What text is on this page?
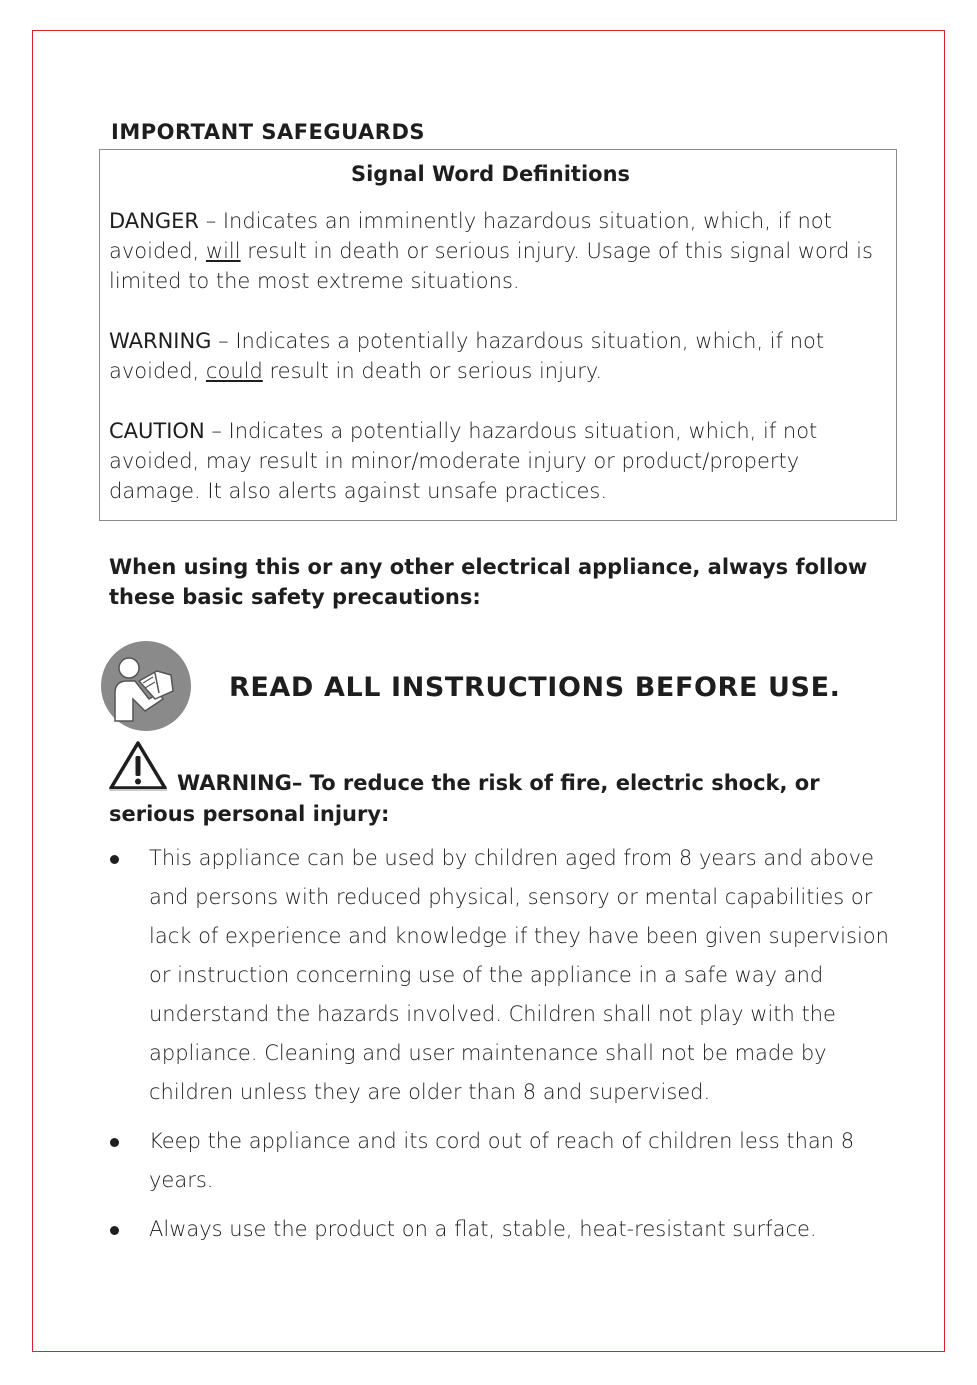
IMPORTANT SAFEGUARDS
Signal Word Definitions

DANGER – Indicates an imminently hazardous situation, which, if not avoided, will result in death or serious injury. Usage of this signal word is limited to the most extreme situations.

WARNING – Indicates a potentially hazardous situation, which, if not avoided, could result in death or serious injury.

CAUTION – Indicates a potentially hazardous situation, which, if not avoided, may result in minor/moderate injury or product/property damage. It also alerts against unsafe practices.

When using this or any other electrical appliance, always follow these basic safety precautions:

READ ALL INSTRUCTIONS BEFORE USE.

WARNING– To reduce the risk of fire, electric shock, or serious personal injury:

This appliance can be used by children aged from 8 years and above and persons with reduced physical, sensory or mental capabilities or lack of experience and knowledge if they have been given supervision or instruction concerning use of the appliance in a safe way and understand the hazards involved. Children shall not play with the appliance. Cleaning and user maintenance shall not be made by children unless they are older than 8 and supervised.
Keep the appliance and its cord out of reach of children less than 8 years.
Always use the product on a flat, stable, heat-resistant surface.
